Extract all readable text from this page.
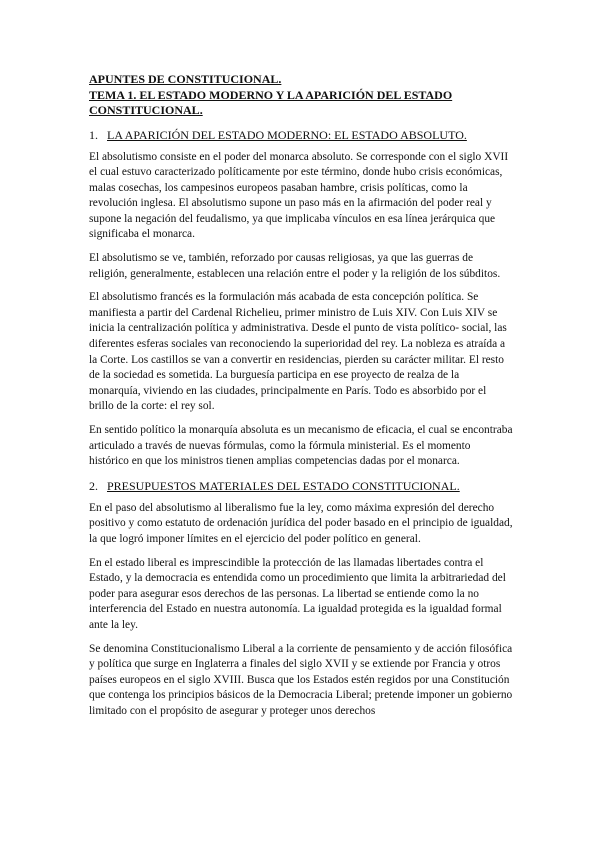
APUNTES DE CONSTITUCIONAL.
TEMA 1. EL ESTADO MODERNO Y LA APARICIÓN DEL ESTADO CONSTITUCIONAL.
1. LA APARICIÓN DEL ESTADO MODERNO: EL ESTADO ABSOLUTO.

El absolutismo consiste en el poder del monarca absoluto. Se corresponde con el siglo XVII el cual estuvo caracterizado políticamente por este término, donde hubo crisis económicas, malas cosechas, los campesinos europeos pasaban hambre, crisis políticas, como la revolución inglesa. El absolutismo supone un paso más en la afirmación del poder real y supone la negación del feudalismo, ya que implicaba vínculos en esa línea jerárquica que significaba el monarca.

El absolutismo se ve, también, reforzado por causas religiosas, ya que las guerras de religión, generalmente, establecen una relación entre el poder y la religión de los súbditos.

El absolutismo francés es la formulación más acabada de esta concepción política. Se manifiesta a partir del Cardenal Richelieu, primer ministro de Luis XIV. Con Luis XIV se inicia la centralización política y administrativa. Desde el punto de vista político- social, las diferentes esferas sociales van reconociendo la superioridad del rey. La nobleza es atraída a la Corte. Los castillos se van a convertir en residencias, pierden su carácter militar. El resto de la sociedad es sometida. La burguesía participa en ese proyecto de realza de la monarquía, viviendo en las ciudades, principalmente en París. Todo es absorbido por el brillo de la corte: el rey sol.

En sentido político la monarquía absoluta es un mecanismo de eficacia, el cual se encontraba articulado a través de nuevas fórmulas, como la fórmula ministerial. Es el momento histórico en que los ministros tienen amplias competencias dadas por el monarca.

2. PRESUPUESTOS MATERIALES DEL ESTADO CONSTITUCIONAL.

En el paso del absolutismo al liberalismo fue la ley, como máxima expresión del derecho positivo y como estatuto de ordenación jurídica del poder basado en el principio de igualdad, la que logró imponer límites en el ejercicio del poder político en general.

En el estado liberal es imprescindible la protección de las llamadas libertades contra el Estado, y la democracia es entendida como un procedimiento que limita la arbitrariedad del poder para asegurar esos derechos de las personas. La libertad se entiende como la no interferencia del Estado en nuestra autonomía. La igualdad protegida es la igualdad formal ante la ley.

Se denomina Constitucionalismo Liberal a la corriente de pensamiento y de acción filosófica y política que surge en Inglaterra a finales del siglo XVII y se extiende por Francia y otros países europeos en el siglo XVIII. Busca que los Estados estén regidos por una Constitución que contenga los principios básicos de la Democracia Liberal; pretende imponer un gobierno limitado con el propósito de asegurar y proteger unos derechos
